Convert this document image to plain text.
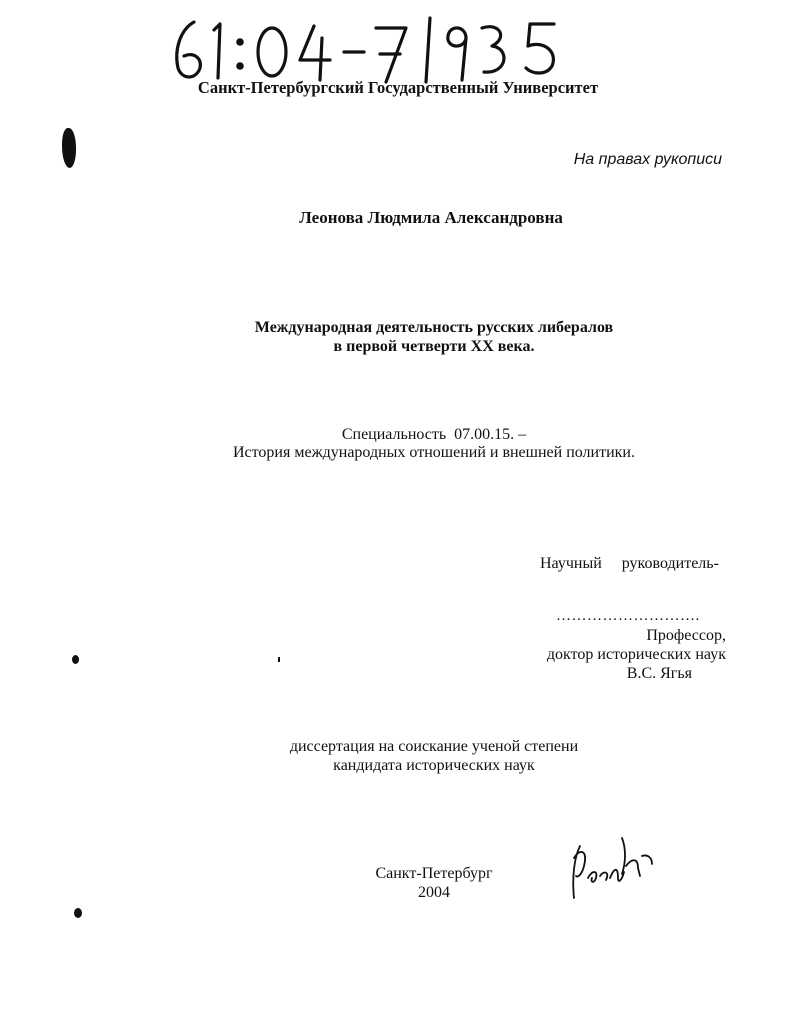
Санкт-Петербургский Государственный Университет
На правах рукописи
Леонова Людмила Александровна
Международная деятельность русских либералов
в первой четверти XX века.
Специальность  07.00.15. –
История международных отношений и внешней политики.
Научный руководитель-
……………………….
Профессор,
доктор исторических наук
В.С. Ягья
диссертация на соискание ученой степени
кандидата исторических наук
Санкт-Петербург
2004
